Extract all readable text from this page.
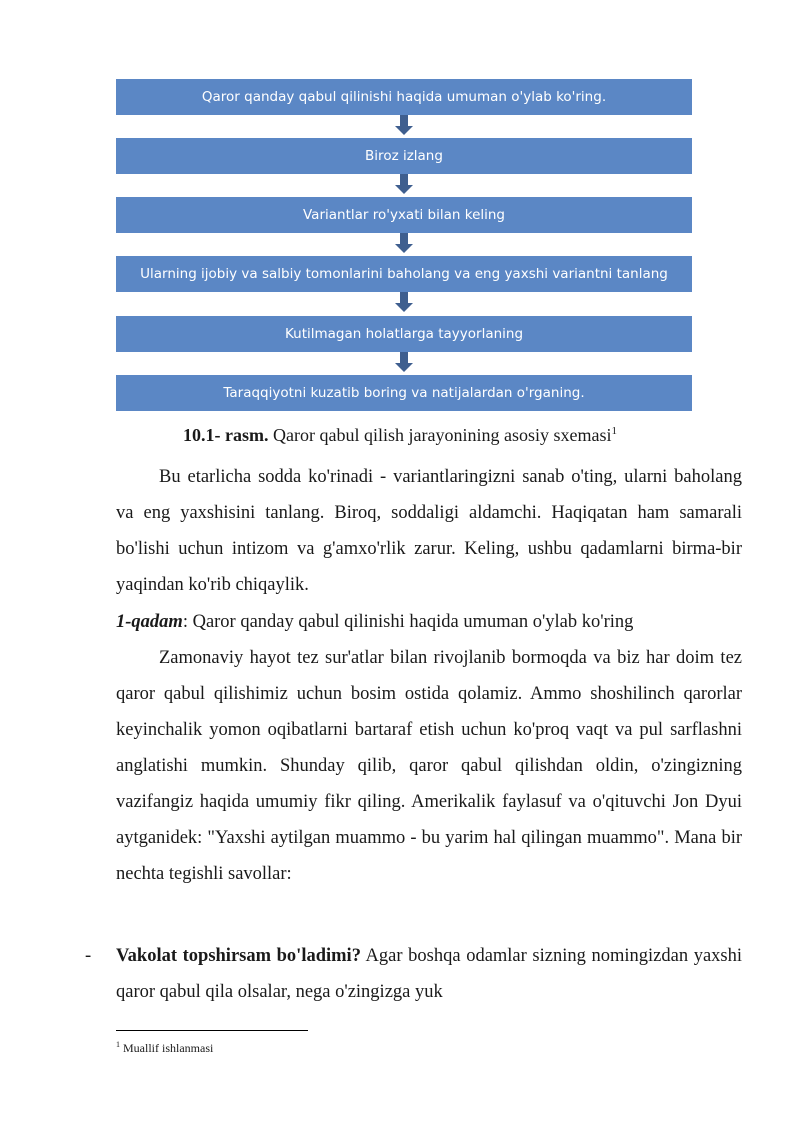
Qaror qanday qabul qilinishi haqida umuman o'ylab ko'ring.
Biroz izlang
Variantlar ro'yxati bilan keling
Ularning ijobiy va salbiy tomonlarini baholang va eng yaxshi variantni tanlang
Kutilmagan holatlarga tayyorlaning
Taraqqiyotni kuzatib boring va natijalardan o'rganing.
10.1- rasm. Qaror qabul qilish jarayonining asosiy sxemasi$^1$
Bu etarlicha sodda ko'rinadi - variantlaringizni sanab o'ting, ularni baholang va eng yaxshisini tanlang. Biroq, soddaligi aldamchi. Haqiqatan ham samarali bo'lishi uchun intizom va g'amxo'rlik zarur. Keling, ushbu qadamlarni birma-bir yaqindan ko'rib chiqaylik.
1-qadam: Qaror qanday qabul qilinishi haqida umuman o'ylab ko'ring
Zamonaviy hayot tez sur'atlar bilan rivojlanib bormoqda va biz har doim tez qaror qabul qilishimiz uchun bosim ostida qolamiz. Ammo shoshilinch qarorlar keyinchalik yomon oqibatlarni bartaraf etish uchun ko'proq vaqt va pul sarflashni anglatishi mumkin. Shunday qilib, qaror qabul qilishdan oldin, o'zingizning vazifangiz haqida umumiy fikr qiling. Amerikalik faylasuf va o'qituvchi Jon Dyui aytganidek: "Yaxshi aytilgan muammo - bu yarim hal qilingan muammo". Mana bir nechta tegishli savollar:
- Vakolat topshirsam bo'ladimi? Agar boshqa odamlar sizning nomingizdan yaxshi qaror qabul qila olsalar, nega o'zingizga yuk
$^1$ Muallif ishlanmasi
